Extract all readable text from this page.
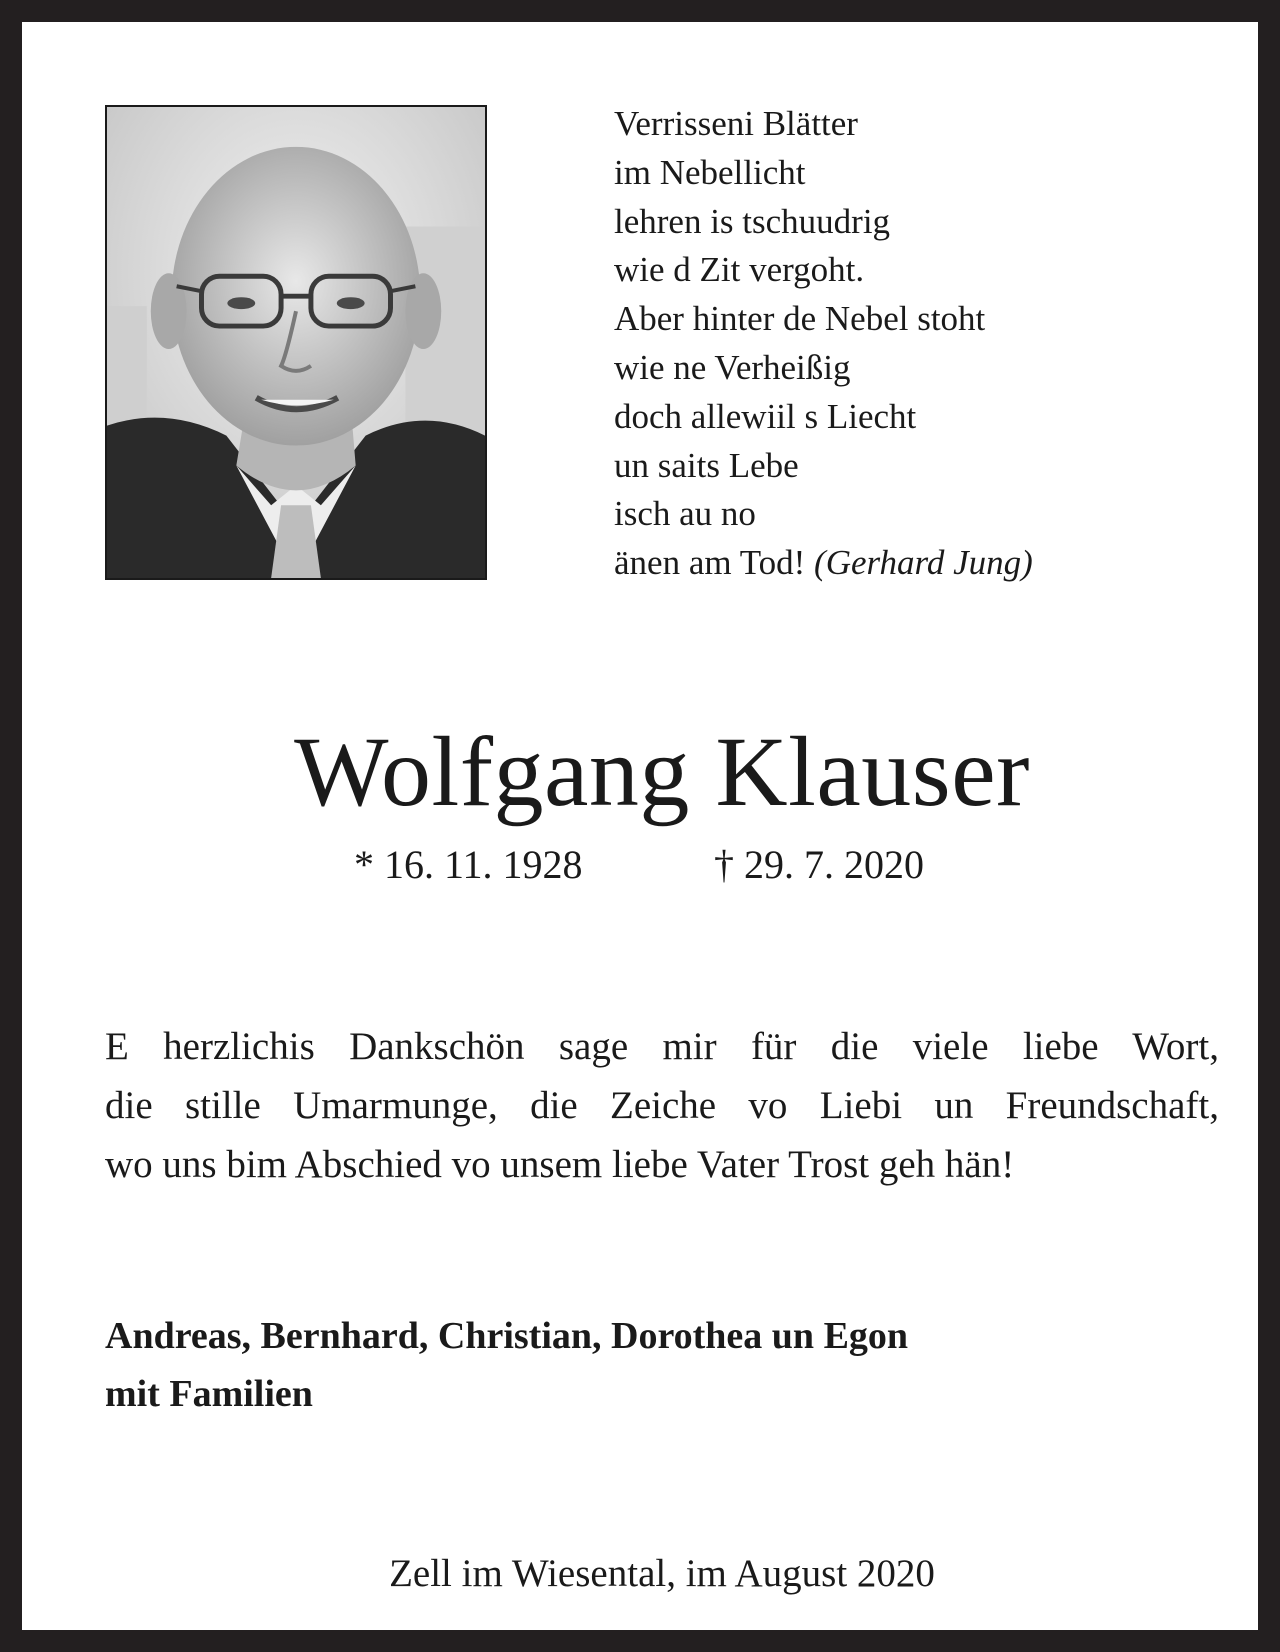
Verrisseni Blätter
im Nebellicht
lehren is tschuudrig
wie d Zit vergoht.
Aber hinter de Nebel stoht
wie ne Verheißig
doch allewiil s Liecht
un saits Lebe
isch au no
änen am Tod! (Gerhard Jung)
Wolfgang Klauser
* 16. 11. 1928	† 29. 7. 2020
E herzlichis Dankschön sage mir für die viele liebe Wort,
die stille Umarmunge, die Zeiche vo Liebi un Freundschaft,
wo uns bim Abschied vo unsem liebe Vater Trost geh hän!
Andreas, Bernhard, Christian, Dorothea un Egon
mit Familien
Zell im Wiesental, im August 2020
